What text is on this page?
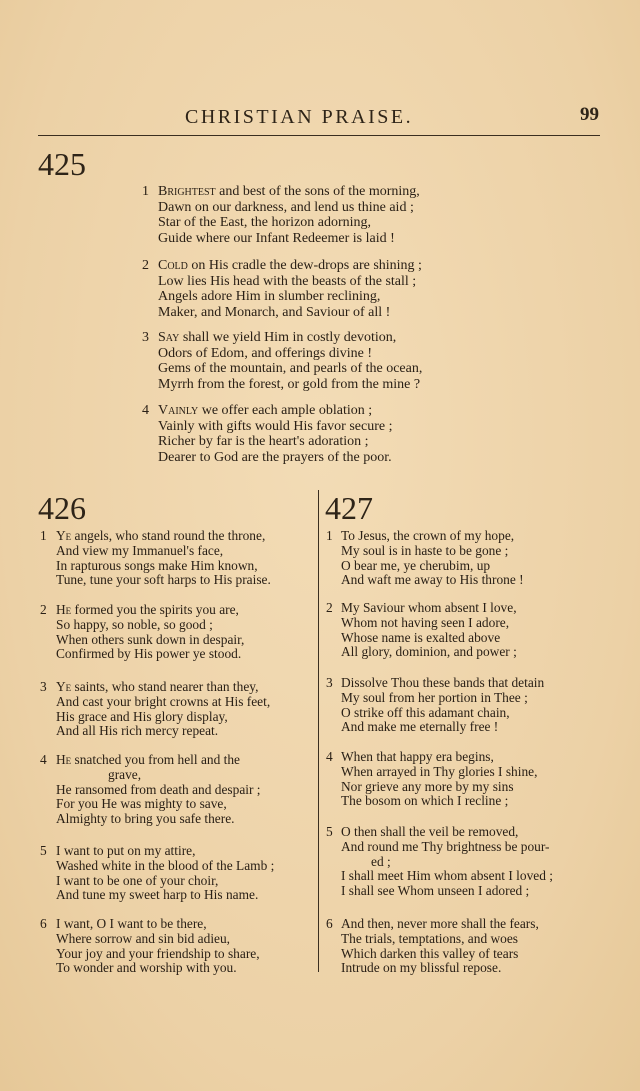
CHRISTIAN PRAISE.	99
425
426	427
1 Brightest and best of the sons of the morning,
Dawn on our darkness, and lend us thine aid ;
Star of the East, the horizon adorning,
Guide where our Infant Redeemer is laid !
2 Cold on His cradle the dew-drops are shining ;
Low lies His head with the beasts of the stall ;
Angels adore Him in slumber reclining,
Maker, and Monarch, and Saviour of all !
3 Say shall we yield Him in costly devotion,
Odors of Edom, and offerings divine !
Gems of the mountain, and pearls of the ocean,
Myrrh from the forest, or gold from the mine ?
4 Vainly we offer each ample oblation ;
Vainly with gifts would His favor secure ;
Richer by far is the heart's adoration ;
Dearer to God are the prayers of the poor.
1 Ye angels, who stand round the throne,
And view my Immanuel's face,
In rapturous songs make Him known,
Tune, tune your soft harps to His praise.
2 He formed you the spirits you are,
So happy, so noble, so good ;
When others sunk down in despair,
Confirmed by His power ye stood.
3 Ye saints, who stand nearer than they,
And cast your bright crowns at His feet,
His grace and His glory display,
And all His rich mercy repeat.
4 He snatched you from hell and the
grave,
He ransomed from death and despair ;
For you He was mighty to save,
Almighty to bring you safe there.
5 I want to put on my attire,
Washed white in the blood of the Lamb ;
I want to be one of your choir,
And tune my sweet harp to His name.
6 I want, O I want to be there,
Where sorrow and sin bid adieu,
Your joy and your friendship to share,
To wonder and worship with you.
1 To Jesus, the crown of my hope,
My soul is in haste to be gone ;
O bear me, ye cherubim, up
And waft me away to His throne !
2 My Saviour whom absent I love,
Whom not having seen I adore,
Whose name is exalted above
All glory, dominion, and power ;
3 Dissolve Thou these bands that detain
My soul from her portion in Thee ;
O strike off this adamant chain,
And make me eternally free !
4 When that happy era begins,
When arrayed in Thy glories I shine,
Nor grieve any more by my sins
The bosom on which I recline ;
5 O then shall the veil be removed,
And round me Thy brightness be pour-
ed ;
I shall meet Him whom absent I loved ;
I shall see Whom unseen I adored ;
6 And then, never more shall the fears,
The trials, temptations, and woes
Which darken this valley of tears
Intrude on my blissful repose.
